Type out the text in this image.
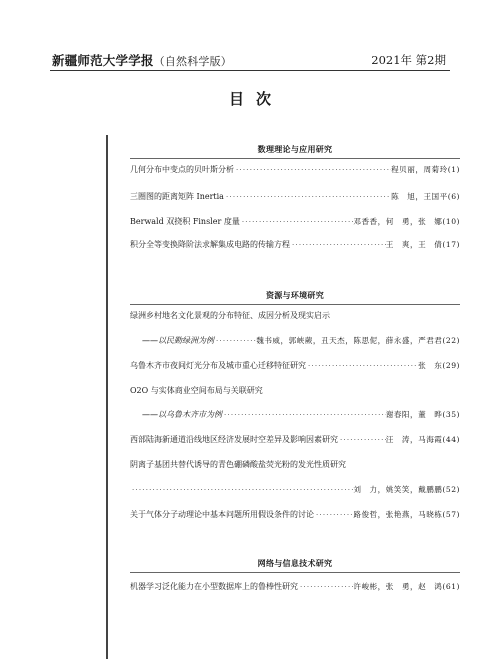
新疆师范大学学报（自然科学版）	2021年 第2期
目次
数理理论与应用研究
几何分布中变点的贝叶斯分析 ·····	程贝丽，周菊玲(1)
三圈图的距离矩阵 Inertia ·····	陈　旭，王国平(6)
Berwald 双挠积 Finsler 度量 ·····	邓香香，何　勇，张　娜(10)
积分全等变换降阶法求解集成电路的传输方程 ·····	王　爽，王　倩(17)
资源与环境研究
绿洲乡村地名文化景观的分布特征、成因分析及现实启示
——以民勤绿洲为例 ·····	魏书威，郭峡蕨，丑天杰，陈思伲，薛永盛，严君君(22)
乌鲁木齐市夜间灯光分布及城市重心迁移特征研究 ·····	张　东(29)
O2O 与实体商业空间布局与关联研究
——以乌鲁木齐市为例 ·····	谢春阳，董　晔(35)
西部陆海新通道沿线地区经济发展时空差异及影响因素研究 ·····	汪　涛，马海霞(44)
阴离子基团共替代诱导的青色硼磷酸盐荧光粉的发光性质研究
·····
刘　力，姚笑笑，戴鹏鹏(52)
关于气体分子动理论中基本问题所用假设条件的讨论 ·····	路俊哲，张艳燕，马晓栋(57)
网络与信息技术研究
机器学习泛化能力在小型数据库上的鲁棒性研究 ·····	许峻彬，张　勇，赵　鸿(61)
